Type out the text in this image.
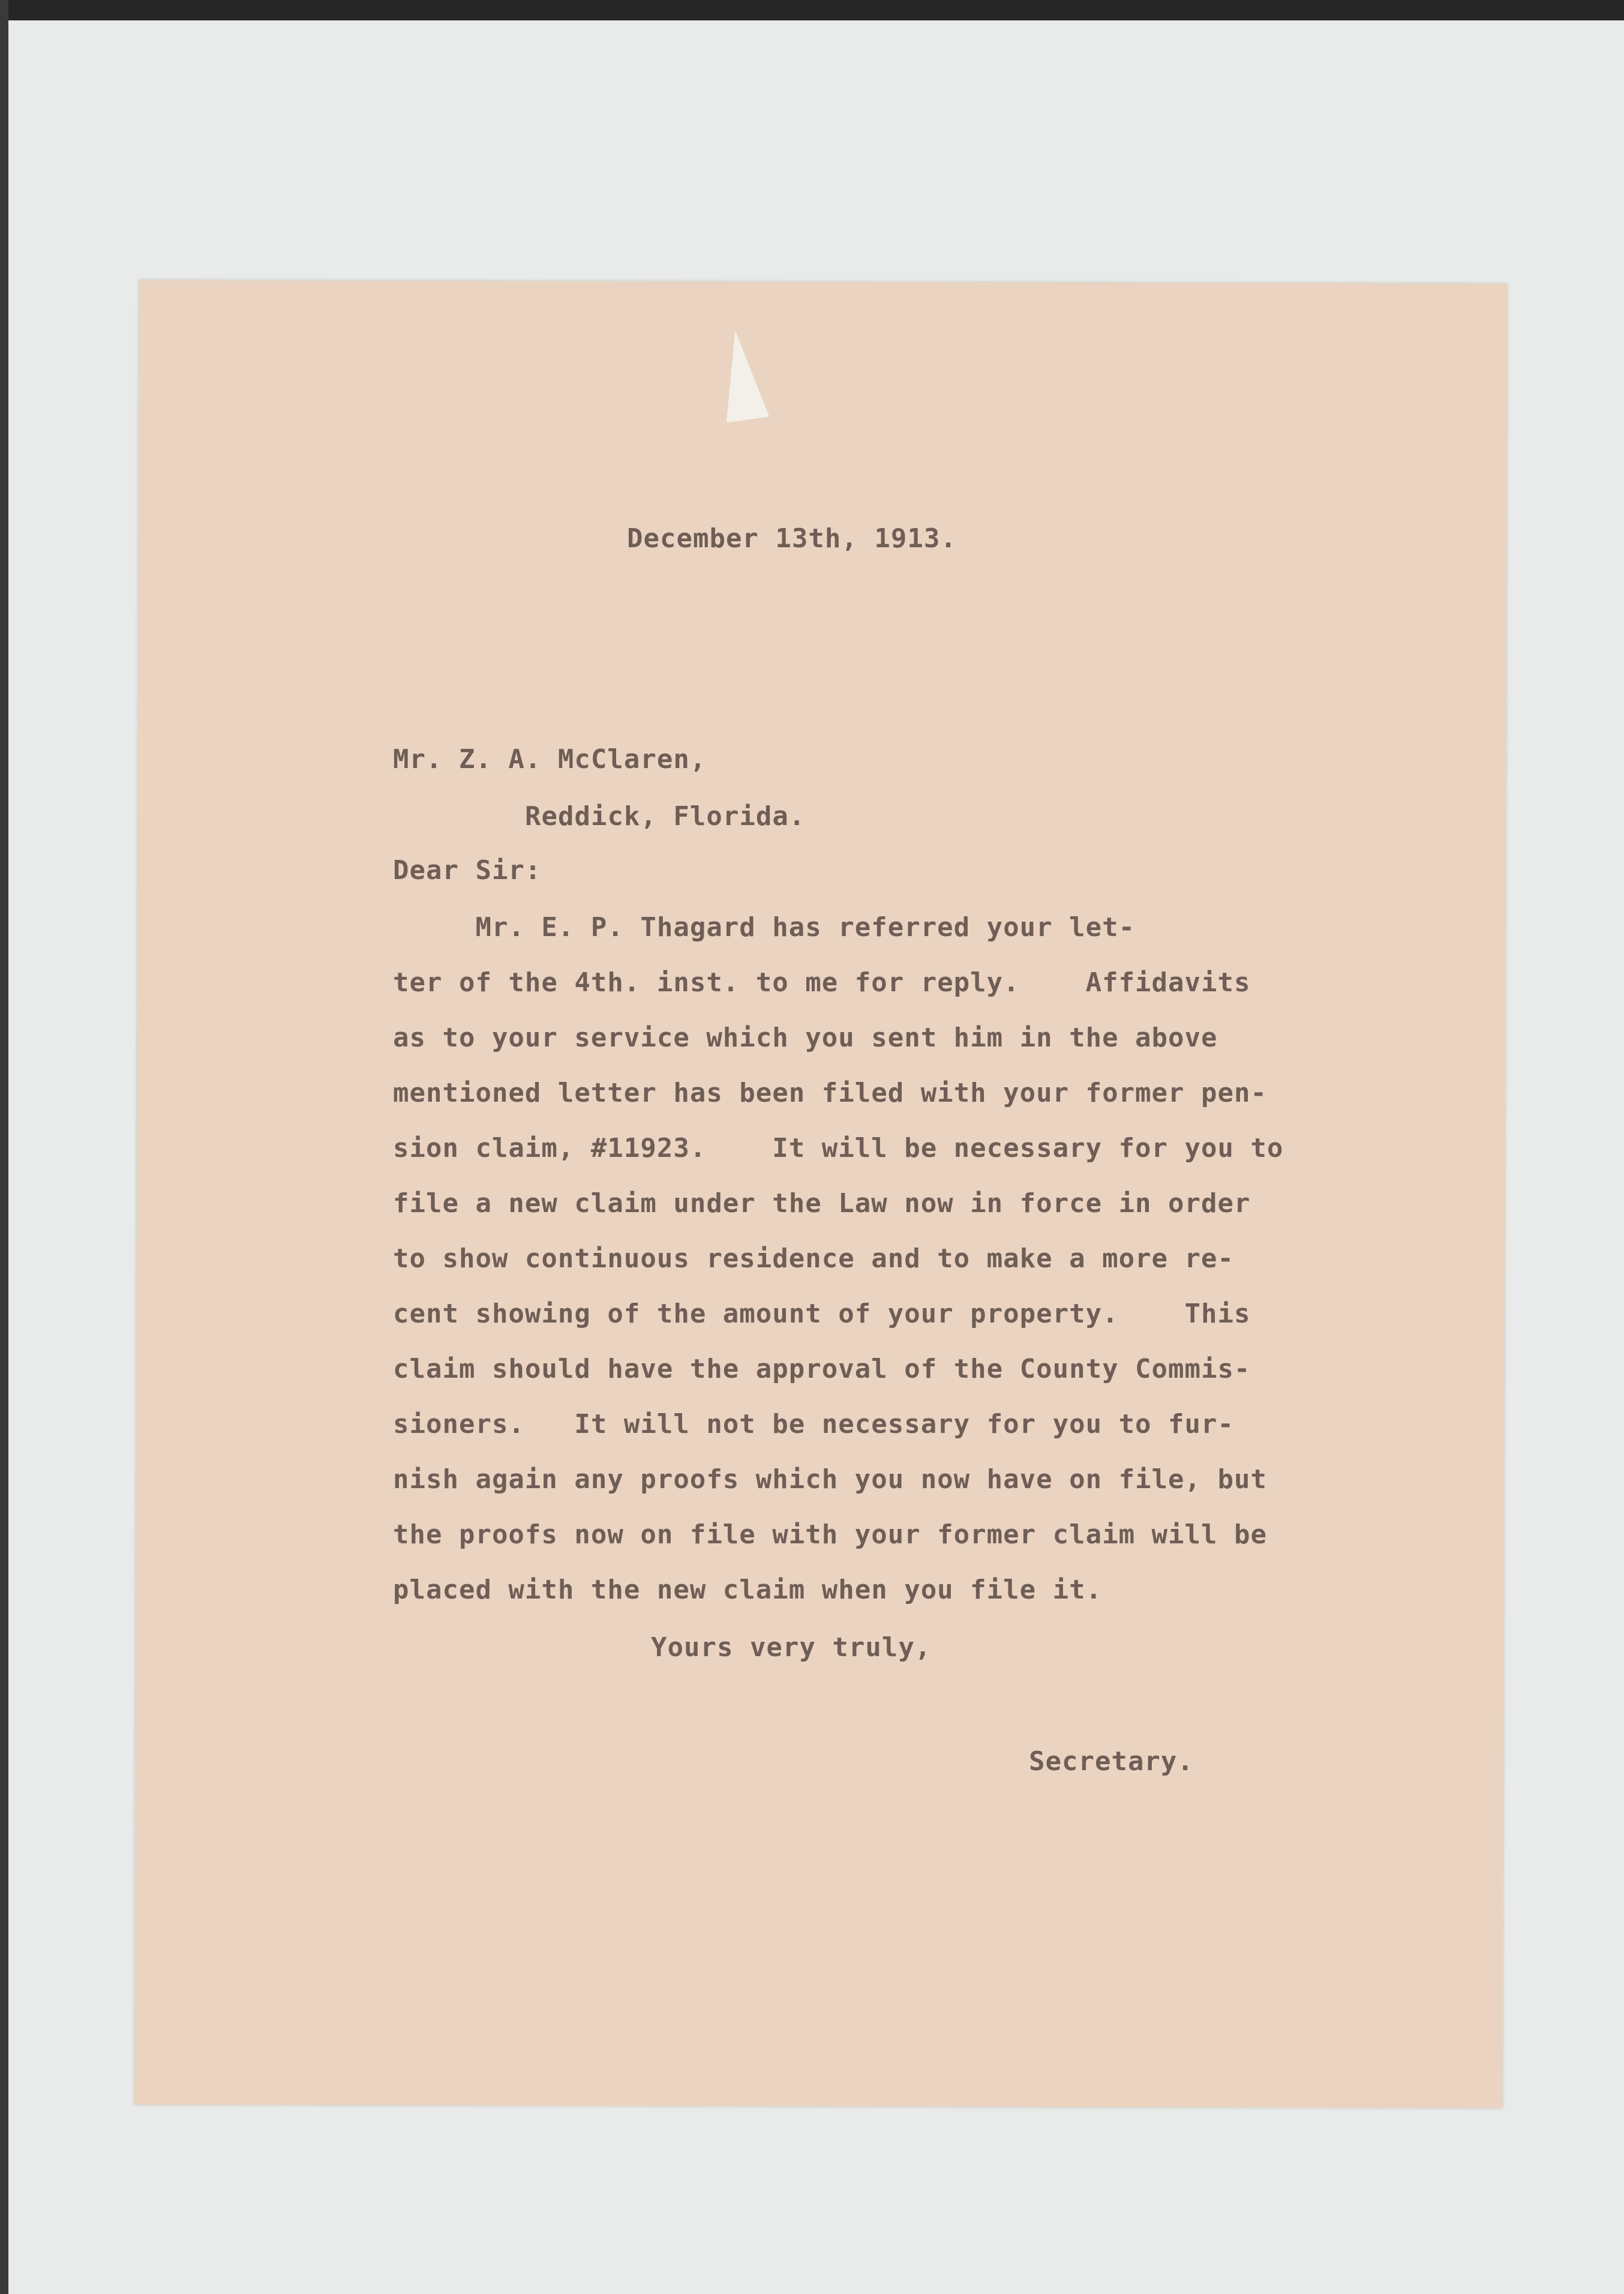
December 13th, 1913.

Mr. Z. A. McClaren,

Reddick, Florida.

Dear Sir:

Mr. E. P. Thagard has referred your let-

ter of the 4th. inst. to me for reply.    Affidavits

as to your service which you sent him in the above

mentioned letter has been filed with your former pen-

sion claim, #11923.    It will be necessary for you to

file a new claim under the Law now in force in order

to show continuous residence and to make a more re-

cent showing of the amount of your property.    This

claim should have the approval of the County Commis-

sioners.   It will not be necessary for you to fur-

nish again any proofs which you now have on file, but

the proofs now on file with your former claim will be

placed with the new claim when you file it.

Yours very truly,

Secretary.
